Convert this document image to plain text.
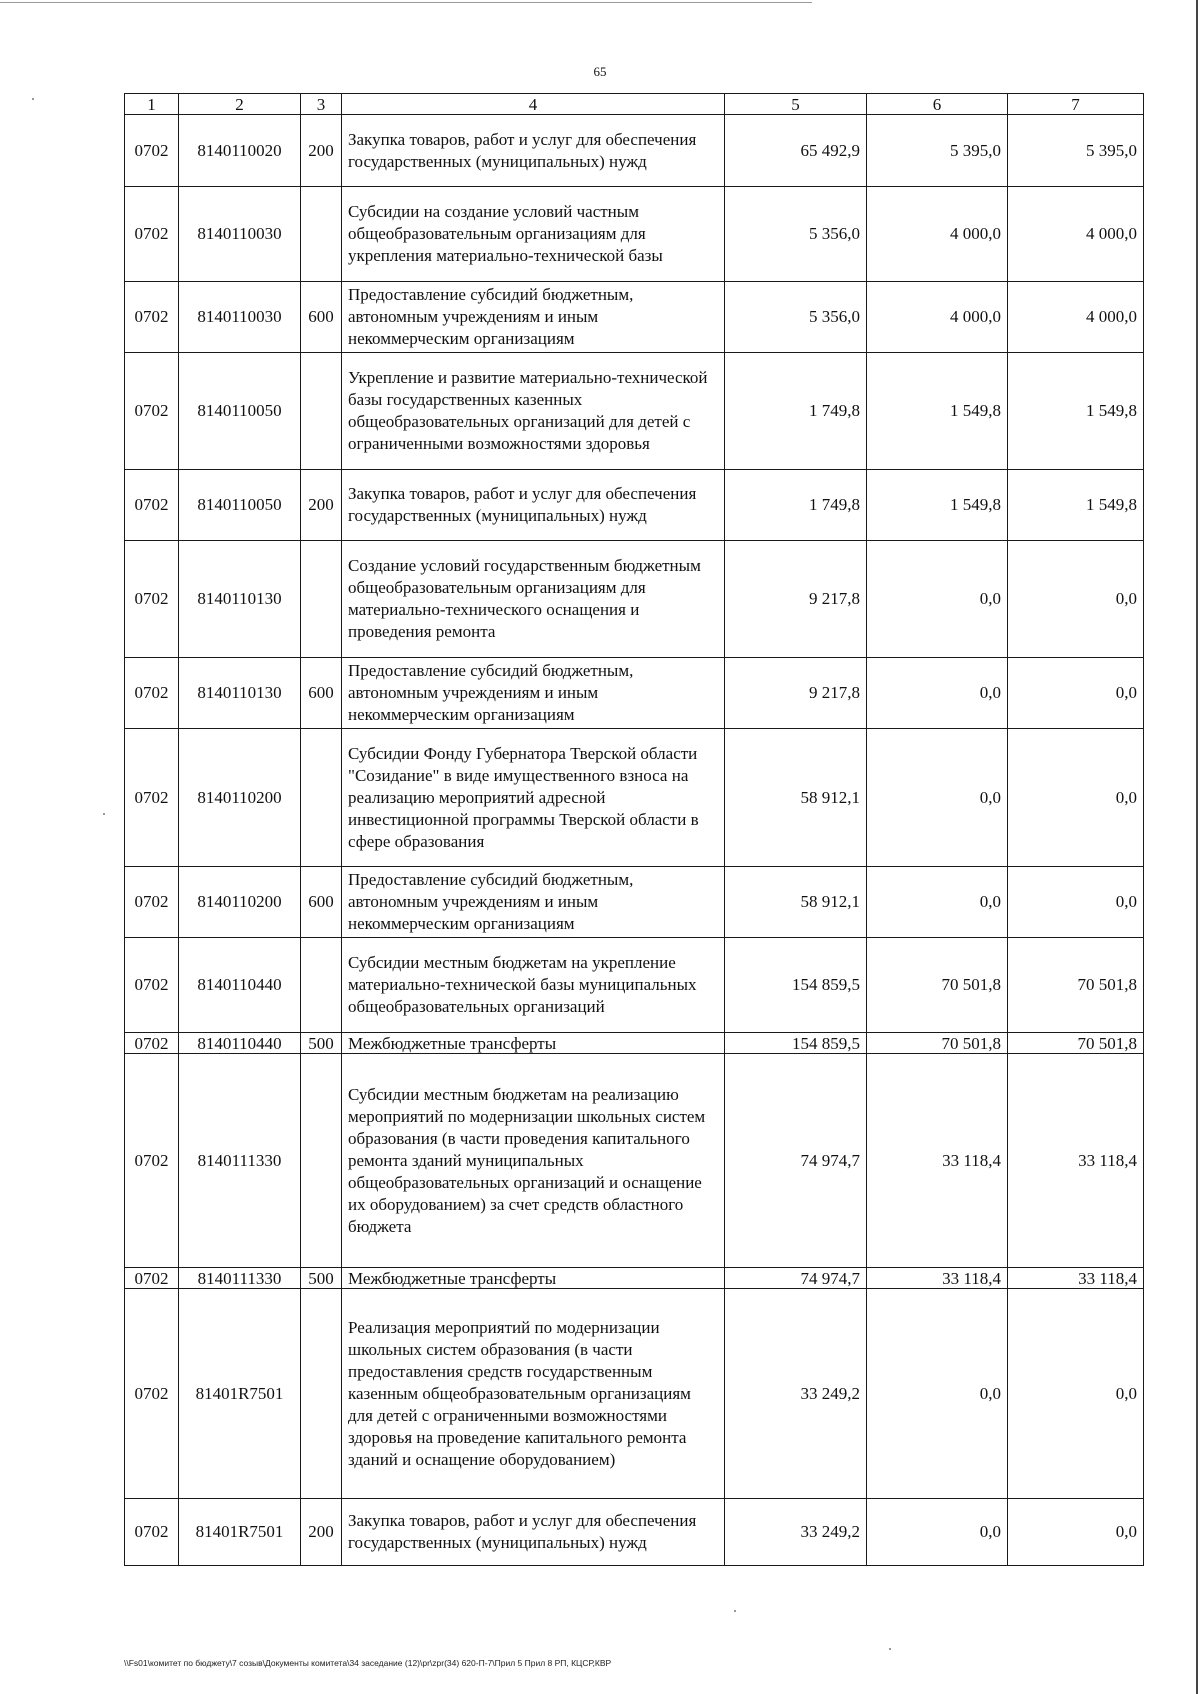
65
1	2	3	4	5	6	7
0702	8140110020	200	Закупка товаров, работ и услуг для обеспечения государственных (муниципальных) нужд	65 492,9	5 395,0	5 395,0
0702	8140110030		Субсидии на создание условий частным общеобразовательным организациям для укрепления материально-технической базы	5 356,0	4 000,0	4 000,0
0702	8140110030	600	Предоставление субсидий бюджетным, автономным учреждениям и иным некоммерческим организациям	5 356,0	4 000,0	4 000,0
0702	8140110050		Укрепление и развитие материально-технической базы государственных казенных общеобразовательных организаций для детей с ограниченными возможностями здоровья	1 749,8	1 549,8	1 549,8
0702	8140110050	200	Закупка товаров, работ и услуг для обеспечения государственных (муниципальных) нужд	1 749,8	1 549,8	1 549,8
0702	8140110130		Создание условий государственным бюджетным общеобразовательным организациям для материально-технического оснащения и проведения ремонта	9 217,8	0,0	0,0
0702	8140110130	600	Предоставление субсидий бюджетным, автономным учреждениям и иным некоммерческим организациям	9 217,8	0,0	0,0
0702	8140110200		Субсидии Фонду Губернатора Тверской области "Созидание" в виде имущественного взноса на реализацию мероприятий адресной инвестиционной программы Тверской области в сфере образования	58 912,1	0,0	0,0
0702	8140110200	600	Предоставление субсидий бюджетным, автономным учреждениям и иным некоммерческим организациям	58 912,1	0,0	0,0
0702	8140110440		Субсидии местным бюджетам на укрепление материально-технической базы муниципальных общеобразовательных организаций	154 859,5	70 501,8	70 501,8
0702	8140110440	500	Межбюджетные трансферты	154 859,5	70 501,8	70 501,8
0702	8140111330		Субсидии местным бюджетам на реализацию мероприятий по модернизации школьных систем образования (в части проведения капитального ремонта зданий муниципальных общеобразовательных организаций и оснащение их оборудованием) за счет средств областного бюджета	74 974,7	33 118,4	33 118,4
0702	8140111330	500	Межбюджетные трансферты	74 974,7	33 118,4	33 118,4
0702	81401R7501		Реализация мероприятий по модернизации школьных систем образования (в части предоставления средств государственным казенным общеобразовательным организациям для детей с ограниченными возможностями здоровья на проведение капитального ремонта зданий и оснащение оборудованием)	33 249,2	0,0	0,0
0702	81401R7501	200	Закупка товаров, работ и услуг для обеспечения государственных (муниципальных) нужд	33 249,2	0,0	0,0
\\Fs01\комитет по бюджету\7 созыв\Документы комитета\34 заседание (12)\pr\zpr(34) 620-П-7\Прил 5 Прил 8 РП, КЦСР,КВР
